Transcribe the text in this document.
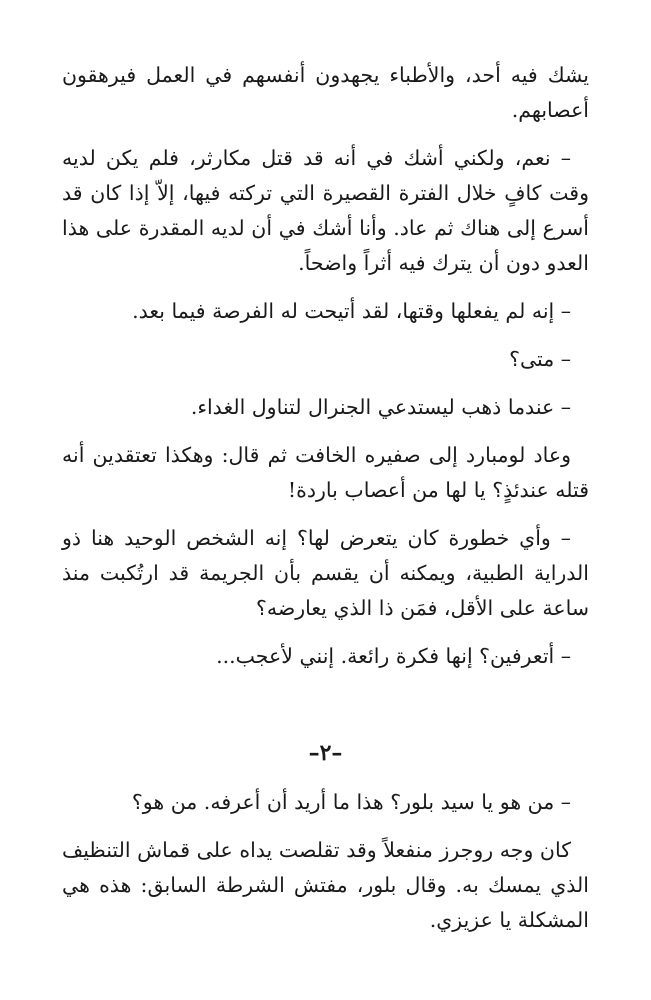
يشك فيه أحد، والأطباء يجهدون أنفسهم في العمل فيرهقون أعصابهم.

– نعم، ولكني أشك في أنه قد قتل مكارثر، فلم يكن لديه وقت كافٍ خلال الفترة القصيرة التي تركته فيها، إلاّ إذا كان قد أسرع إلى هناك ثم عاد. وأنا أشك في أن لديه المقدرة على هذا العدو دون أن يترك فيه أثراً واضحاً.

– إنه لم يفعلها وقتها، لقد أتيحت له الفرصة فيما بعد.

– متى؟

– عندما ذهب ليستدعي الجنرال لتناول الغداء.

وعاد لومبارد إلى صفيره الخافت ثم قال: وهكذا تعتقدين أنه قتله عندئذٍ؟ يا لها من أعصاب باردة!

– وأي خطورة كان يتعرض لها؟ إنه الشخص الوحيد هنا ذو الدراية الطبية، ويمكنه أن يقسم بأن الجريمة قد ارتُكبت منذ ساعة على الأقل، فمَن ذا الذي يعارضه؟

– أتعرفين؟ إنها فكرة رائعة. إنني لأعجب...

–٢–

– من هو يا سيد بلور؟ هذا ما أريد أن أعرفه. من هو؟

كان وجه روجرز منفعلاً وقد تقلصت يداه على قماش التنظيف الذي يمسك به. وقال بلور، مفتش الشرطة السابق: هذه هي المشكلة يا عزيزي.
